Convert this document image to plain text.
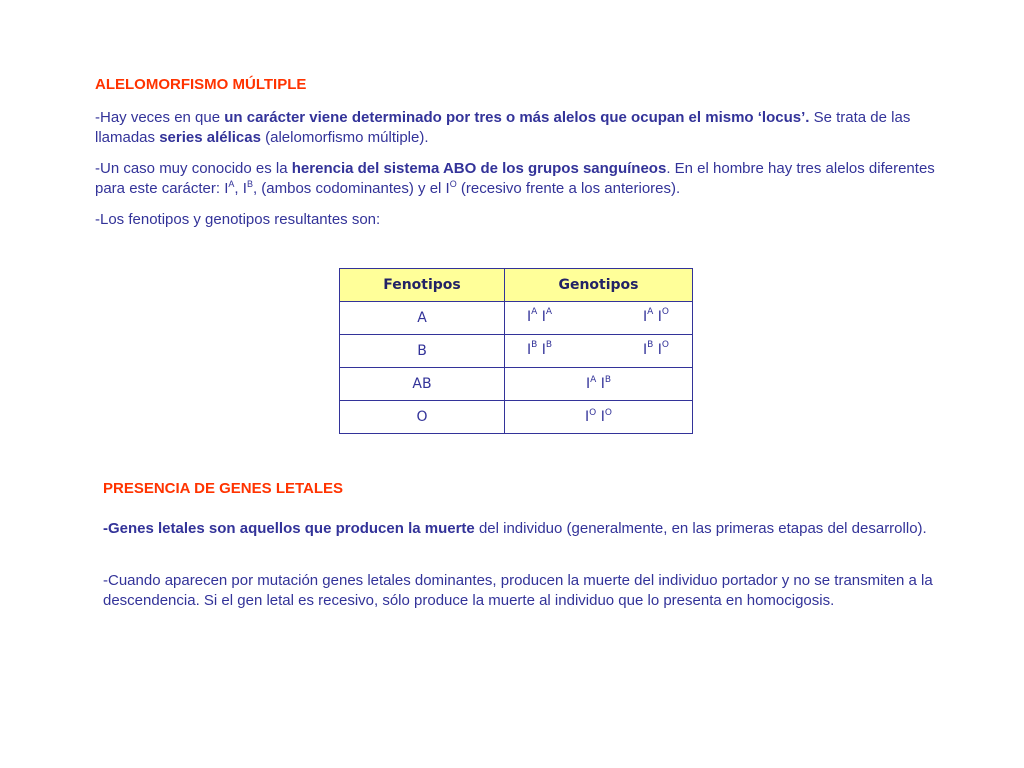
ALELOMORFISMO MÚLTIPLE

-Hay veces en que un carácter viene determinado por tres o más alelos que ocupan el mismo ‘locus’. Se trata de las llamadas series alélicas (alelomorfismo múltiple).

-Un caso muy conocido es la herencia del sistema ABO de los grupos sanguíneos. En el hombre hay tres alelos diferentes para este carácter: $I^A$, $I^B$, (ambos codominantes) y el $I^O$ (recesivo frente a los anteriores).

-Los fenotipos y genotipos resultantes son:

Fenotipos	Genotipos
A	$I^A$ $I^A$ $I^A$ $I^O$

B	$I^B$ $I^B$ $I^B$ $I^O$

AB	$I^A$ $I^B$

O	$I^O$ $I^O$
PRESENCIA DE GENES LETALES

-Genes letales son aquellos que producen la muerte del individuo (generalmente, en las primeras etapas del desarrollo).

-Cuando aparecen por mutación genes letales dominantes, producen la muerte del individuo portador y no se transmiten a la descendencia. Si el gen letal es recesivo, sólo produce la muerte al individuo que lo presenta en homocigosis.
